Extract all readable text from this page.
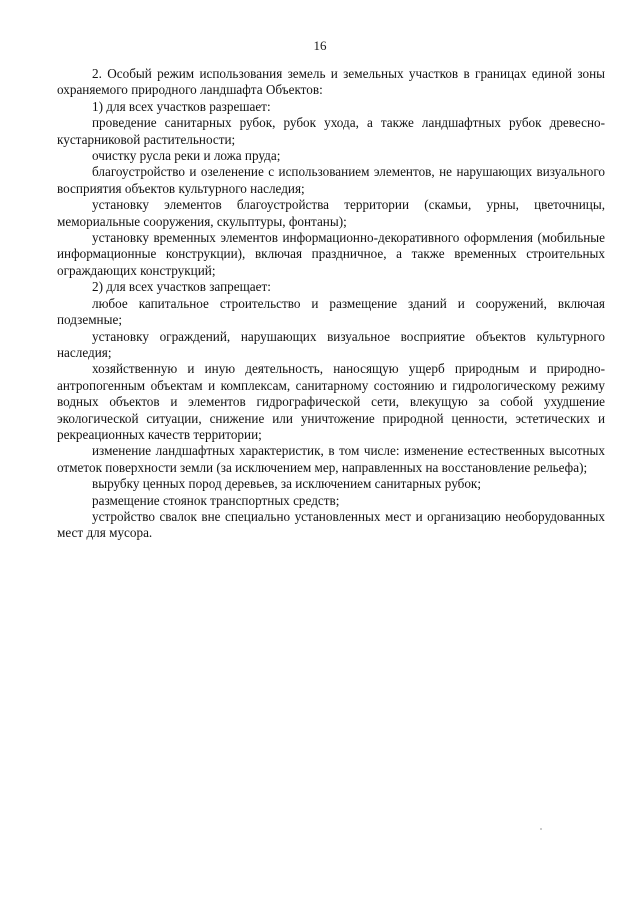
16

2. Особый режим использования земель и земельных участков в границах единой зоны охраняемого природного ландшафта Объектов:

1) для всех участков разрешает:

проведение санитарных рубок, рубок ухода, а также ландшафтных рубок древесно-кустарниковой растительности;

очистку русла реки и ложа пруда;

благоустройство и озеленение с использованием элементов, не нарушающих визуального восприятия объектов культурного наследия;

установку элементов благоустройства территории (скамьи, урны, цветочницы, мемориальные сооружения, скульптуры, фонтаны);

установку временных элементов информационно-декоративного оформления (мобильные информационные конструкции), включая праздничное, а также временных строительных ограждающих конструкций;

2) для всех участков запрещает:

любое капитальное строительство и размещение зданий и сооружений, включая подземные;

установку ограждений, нарушающих визуальное восприятие объектов культурного наследия;

хозяйственную и иную деятельность, наносящую ущерб природным и природно-антропогенным объектам и комплексам, санитарному состоянию и гидрологическому режиму водных объектов и элементов гидрографической сети, влекущую за собой ухудшение экологической ситуации, снижение или уничтожение природной ценности, эстетических и рекреационных качеств территории;

изменение ландшафтных характеристик, в том числе: изменение естественных высотных отметок поверхности земли (за исключением мер, направленных на восстановление рельефа);

вырубку ценных пород деревьев, за исключением санитарных рубок;

размещение стоянок транспортных средств;

устройство свалок вне специально установленных мест и организацию необорудованных мест для мусора.
